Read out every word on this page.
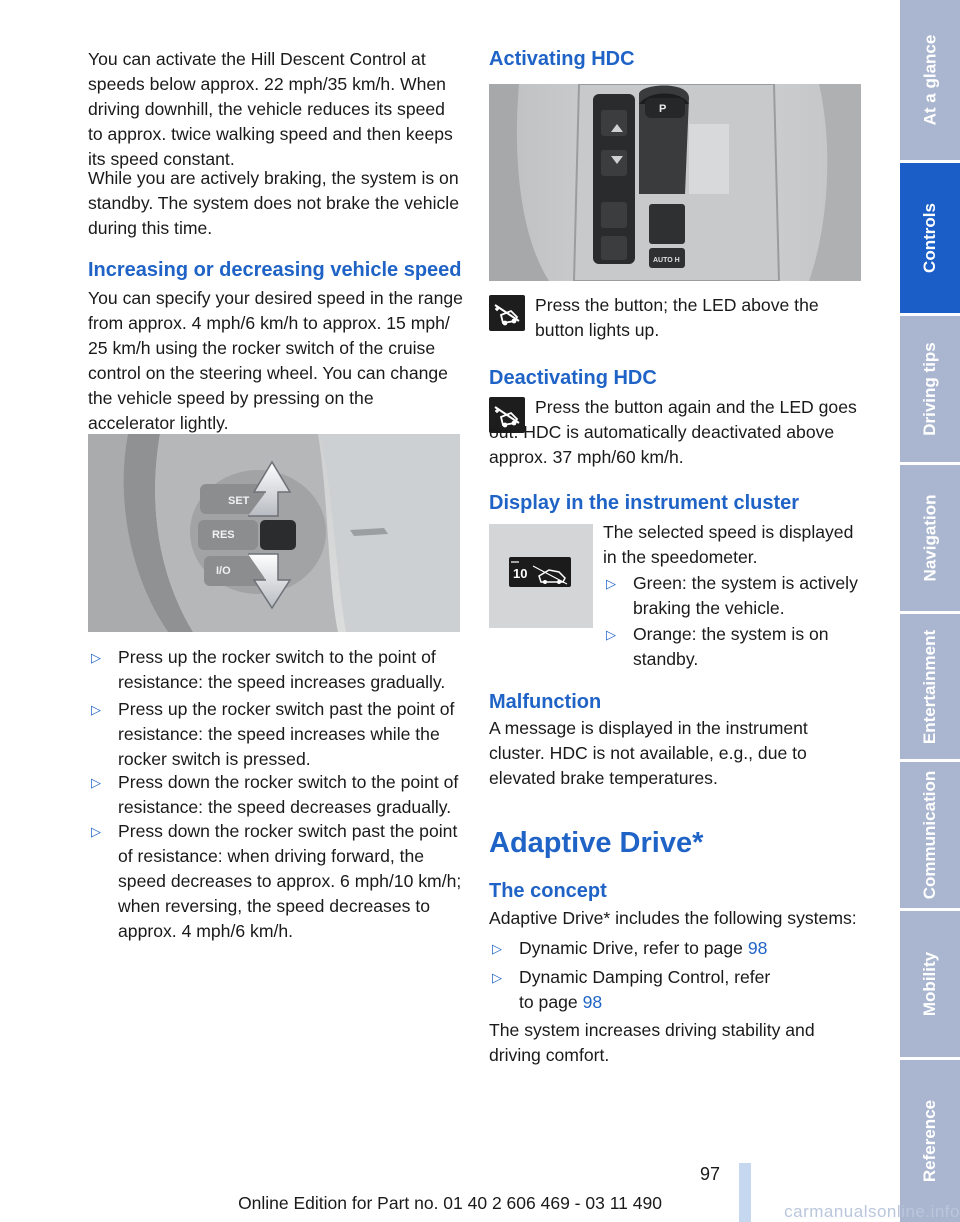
You can activate the Hill Descent Control at speeds below approx. 22 mph/35 km/h. When driving downhill, the vehicle reduces its speed to approx. twice walking speed and then keeps its speed constant.

While you are actively braking, the system is on standby. The system does not brake the vehicle during this time.

Increasing or decreasing vehicle speed

You can specify your desired speed in the range from approx. 4 mph/6 km/h to approx. 15 mph/ 25 km/h using the rocker switch of the cruise control on the steering wheel. You can change the vehicle speed by pressing on the accelerator lightly.

SET
RES
I/O
▷ Press up the rocker switch to the point of resistance: the speed increases gradually.
▷ Press up the rocker switch past the point of resistance: the speed increases while the rocker switch is pressed.
▷ Press down the rocker switch to the point of resistance: the speed decreases gradually.
▷ Press down the rocker switch past the point of resistance: when driving forward, the speed decreases to approx. 6 mph/10 km/h; when reversing, the speed decreases to approx. 4 mph/6 km/h.
Activating HDC
P
AUTO H

Press the button; the LED above the button lights up.

Deactivating HDC

Press the button again and the LED goes out. HDC is automatically deactivated above approx. 37 mph/60 km/h.

Display in the instrument cluster
10

The selected speed is displayed in the speedometer.

▷ Green: the system is actively braking the vehicle.
▷ Orange: the system is on standby.
Malfunction

A message is displayed in the instrument cluster. HDC is not available, e.g., due to elevated brake temperatures.

Adaptive Drive*
The concept

Adaptive Drive* includes the following systems:

▷ Dynamic Drive, refer to page 98
▷ Dynamic Damping Control, refer to page 98

The system increases driving stability and driving comfort.

At a glance
Controls
Driving tips
Navigation
Entertainment
Communication
Mobility
Reference
97
Online Edition for Part no. 01 40 2 606 469 - 03 11 490	carmanualsonline.info
